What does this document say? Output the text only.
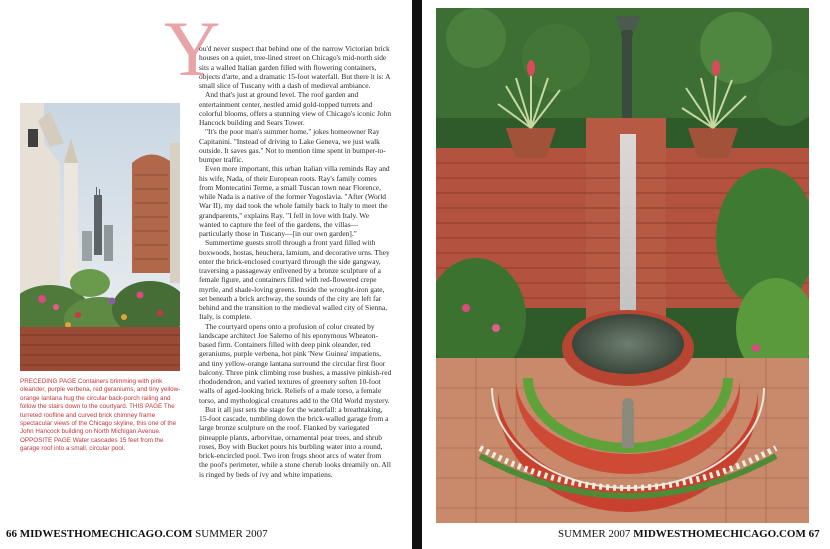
PRECEDING PAGE Containers brimming with pink oleander, purple verbena, red geraniums, and tiny yellow-orange lantana hug the circular back-porch railing and follow the stairs down to the courtyard. THIS PAGE The turreted roofline and curved brick chimney frame spectacular views of the Chicago skyline, this one of the John Hancock building on North Michigan Avenue. OPPOSITE PAGE Water cascades 15 feet from the garage roof into a small, circular pool.
Y

ou'd never suspect that behind one of the narrow Victorian brick houses on a quiet, tree-lined street on Chicago's mid-north side sits a walled Italian garden filled with flowering containers, objects d'arte, and a dramatic 15-foot waterfall. But there it is: A small slice of Tuscany with a dash of medieval ambiance.

And that's just at ground level. The roof garden and entertainment center, nestled amid gold-topped turrets and colorful blooms, offers a stunning view of Chicago's iconic John Hancock building and Sears Tower.

"It's the poor man's summer home," jokes homeowner Ray Capitanini. "Instead of driving to Lake Geneva, we just walk outside. It saves gas." Not to mention time spent in bumper-to-bumper traffic.

Even more important, this urban Italian villa reminds Ray and his wife, Nada, of their European roots. Ray's family comes from Montecatini Terme, a small Tuscan town near Florence, while Nada is a native of the former Yugoslavia. "After (World War II), my dad took the whole family back to Italy to meet the grandparents," explains Ray. "I fell in love with Italy. We wanted to capture the feel of the gardens, the villas—particularly those in Tuscany—[in our own garden]."

Summertime guests stroll through a front yard filled with boxwoods, hostas, heuchera, lamium, and decorative urns. They enter the brick-enclosed courtyard through the side gangway, traversing a passageway enlivened by a bronze sculpture of a female figure, and containers filled with red-flowered crepe myrtle, and shade-loving greens. Inside the wrought-iron gate, set beneath a brick archway, the sounds of the city are left far behind and the transition to the medieval walled city of Sienna, Italy, is complete.

The courtyard opens onto a profusion of color created by landscape architect Joe Salerno of his eponymous Wheaton-based firm. Containers filled with deep pink oleander, red geraniums, purple verbena, hot pink 'New Guinea' impatiens, and tiny yellow-orange lantana surround the circular first floor balcony. Three pink climbing rose bushes, a massive pinkish-red rhododendron, and varied textures of greenery soften 10-foot walls of aged-looking brick. Reliefs of a male torso, a female torso, and mythological creatures add to the Old World mystery.

But it all just sets the stage for the waterfall: a breathtaking, 15-foot cascade, tumbling down the brick-walled garage from a large bronze sculpture on the roof. Flanked by variegated pineapple plants, arborvitae, ornamental pear trees, and shrub roses, Boy with Bucket pours his burbling water into a round, brick-encircled pool. Two iron frogs shoot arcs of water from the pool's perimeter, while a stone cherub looks dreamily on. All is ringed by beds of ivy and white impatiens.

66 MIDWESTHOMECHICAGO.COM SUMMER 2007	SUMMER 2007 MIDWESTHOMECHICAGO.COM 67
